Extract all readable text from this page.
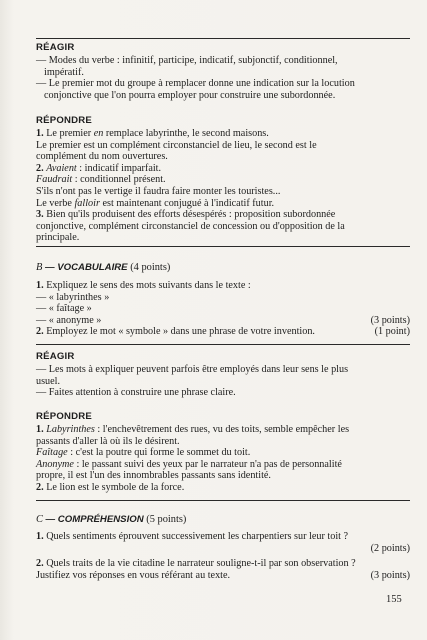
RÉAGIR
— Modes du verbe : infinitif, participe, indicatif, subjonctif, conditionnel,
impératif.
— Le premier mot du groupe à remplacer donne une indication sur la locution
conjonctive que l'on pourra employer pour construire une subordonnée.
RÉPONDRE
1. Le premier en remplace labyrinthe, le second maisons.
Le premier est un complément circonstanciel de lieu, le second est le
complément du nom ouvertures.
2. Avaient : indicatif imparfait.
Faudrait : conditionnel présent.
S'ils n'ont pas le vertige il faudra faire monter les touristes...
Le verbe falloir est maintenant conjugué à l'indicatif futur.
3. Bien qu'ils produisent des efforts désespérés : proposition subordonnée
conjonctive, complément circonstanciel de concession ou d'opposition de la
principale.
B — VOCABULAIRE (4 points)
1. Expliquez le sens des mots suivants dans le texte :
— « labyrinthes »
— « faîtage »
— « anonyme »	(3 points)
2. Employez le mot « symbole » dans une phrase de votre invention.	(1 point)
RÉAGIR
— Les mots à expliquer peuvent parfois être employés dans leur sens le plus
usuel.
— Faites attention à construire une phrase claire.
RÉPONDRE
1. Labyrinthes : l'enchevêtrement des rues, vu des toits, semble empêcher les
passants d'aller là où ils le désirent.
Faîtage : c'est la poutre qui forme le sommet du toit.
Anonyme : le passant suivi des yeux par le narrateur n'a pas de personnalité
propre, il est l'un des innombrables passants sans identité.
2. Le lion est le symbole de la force.
C — COMPRÉHENSION (5 points)
1. Quels sentiments éprouvent successivement les charpentiers sur leur toit ?
(2 points)
2. Quels traits de la vie citadine le narrateur souligne-t-il par son observation ?
Justifiez vos réponses en vous référant au texte.	(3 points)
155
